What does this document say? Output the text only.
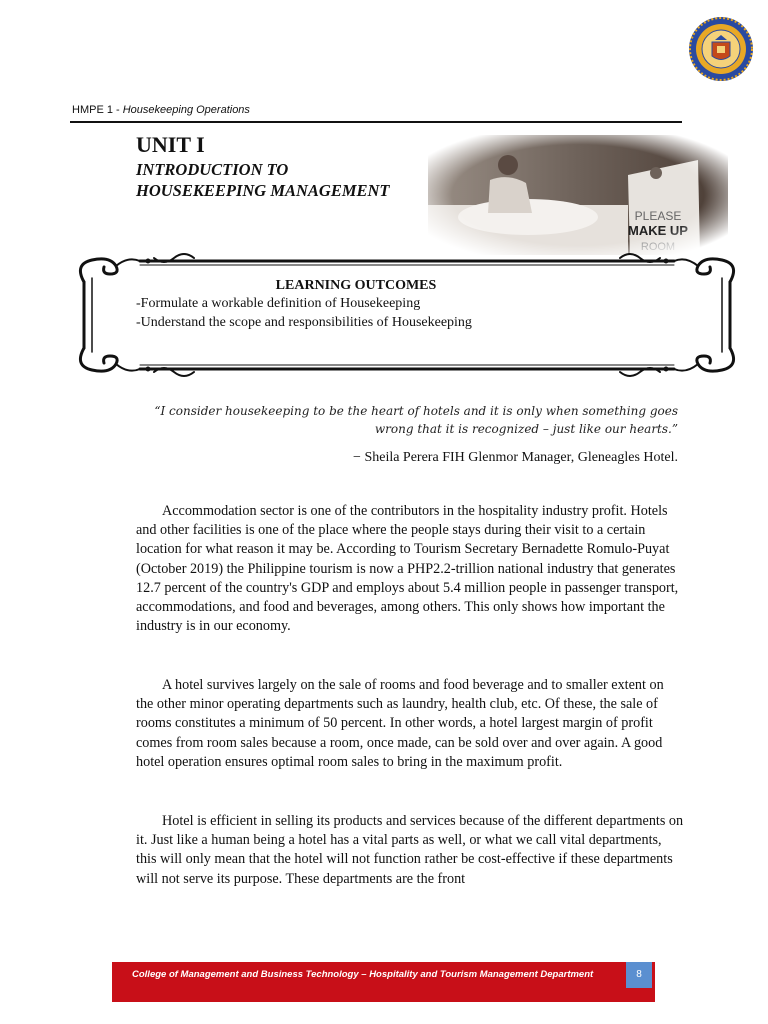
HMPE 1 - Housekeeping Operations
UNIT I
INTRODUCTION TO
HOUSEKEEPING MANAGEMENT
LEARNING OUTCOMES
-Formulate a workable definition of Housekeeping
-Understand the scope and responsibilities of Housekeeping
“I consider housekeeping to be the heart of hotels and it is only when something goes
wrong that it is recognized – just like our hearts.”
− Sheila Perera FIH Glenmor Manager, Gleneagles Hotel.

Accommodation sector is one of the contributors in the hospitality industry profit. Hotels and other facilities is one of the place where the people stays during their visit to a certain location for what reason it may be. According to Tourism Secretary Bernadette Romulo-Puyat (October 2019) the Philippine tourism is now a PHP2.2-trillion national industry that generates 12.7 percent of the country's GDP and employs about 5.4 million people in passenger transport, accommodations, and food and beverages, among others. This only shows how important the industry is in our economy.

A hotel survives largely on the sale of rooms and food beverage and to smaller extent on the other minor operating departments such as laundry, health club, etc. Of these, the sale of rooms constitutes a minimum of 50 percent. In other words, a hotel largest margin of profit comes from room sales because a room, once made, can be sold over and over again. A good hotel operation ensures optimal room sales to bring in the maximum profit.

Hotel is efficient in selling its products and services because of the different departments on it. Just like a human being a hotel has a vital parts as well, or what we call vital departments, this will only mean that the hotel will not function rather be cost-effective if these departments will not serve its purpose. These departments are the front

College of Management and Business Technology – Hospitality and Tourism Management Department	8
